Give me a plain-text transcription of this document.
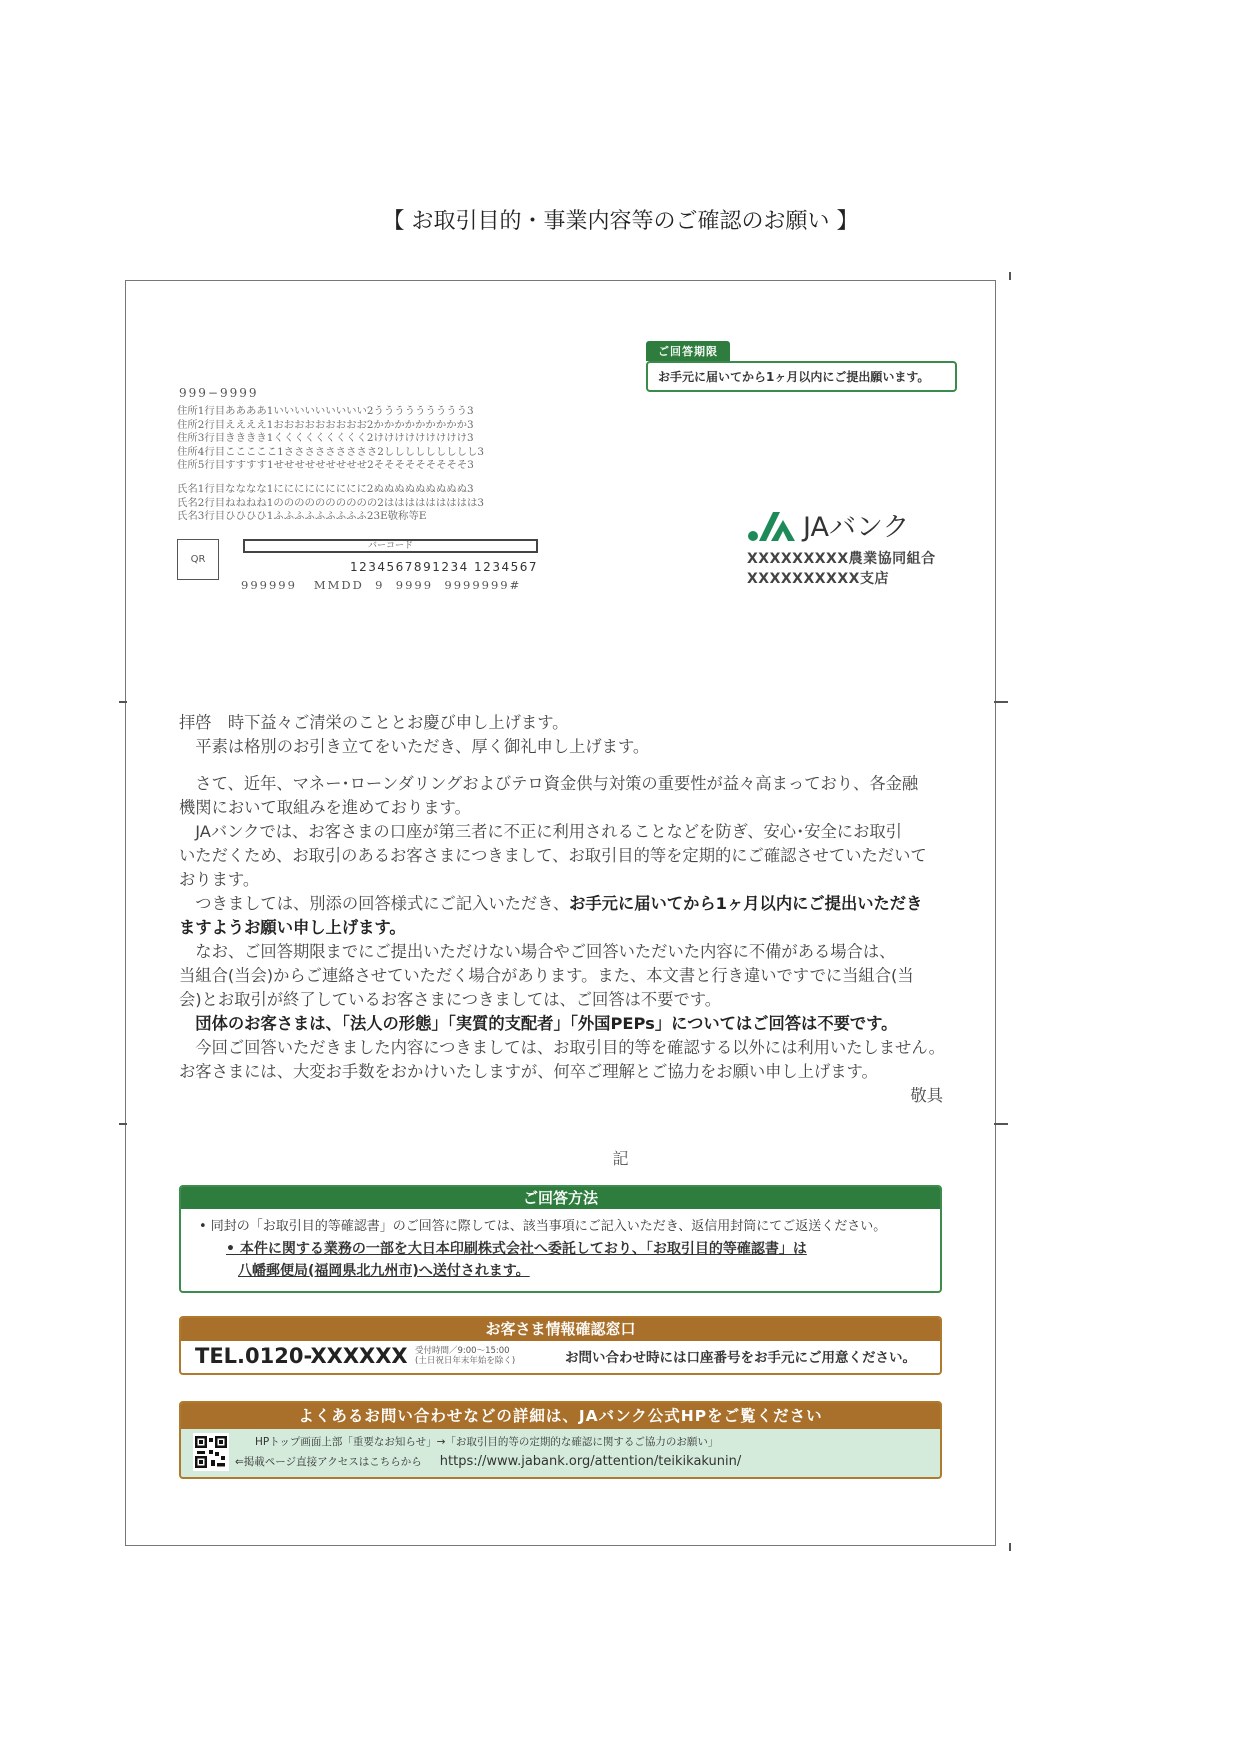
【 お取引目的・事業内容等のご確認のお願い 】
ご回答期限
お手元に届いてから1ヶ月以内にご提出願います。
999−9999
住所1行目ああああ1いいいいいいいいい2ううううううううう3
住所2行目ええええ1おおおおおおおおお2かかかかかかかかか3
住所3行目きききき1くくくくくくくくく2けけけけけけけけけ3
住所4行目こここここ1さささささささささ2ししししししししし3
住所5行目すすすす1せせせせせせせせせ2そそそそそそそそそ3
氏名1行目なななな1ににににににににに2ぬぬぬぬぬぬぬぬぬ3
氏名2行目ねねねね1のののののののののの2ははははははははは3
氏名3行目ひひひひ1ふふふふふふふふふ23E敬称等E
QR
バーコード
1234567891234 1234567
999999   MMDD  9  9999  9999999#
JAバンク
XXXXXXXXX農業協同組合
XXXXXXXXXX支店
拝啓　時下益々ご清栄のこととお慶び申し上げます。
　平素は格別のお引き立てをいただき、厚く御礼申し上げます。
　さて、近年、マネー･ローンダリングおよびテロ資金供与対策の重要性が益々高まっており、各金融
機関において取組みを進めております。
　JAバンクでは、お客さまの口座が第三者に不正に利用されることなどを防ぎ、安心･安全にお取引
いただくため、お取引のあるお客さまにつきまして、お取引目的等を定期的にご確認させていただいて
おります。
　つきましては、別添の回答様式にご記入いただき、お手元に届いてから1ヶ月以内にご提出いただき
ますようお願い申し上げます。
　なお、ご回答期限までにご提出いただけない場合やご回答いただいた内容に不備がある場合は、
当組合(当会)からご連絡させていただく場合があります。また、本文書と行き違いですでに当組合(当
会)とお取引が終了しているお客さまにつきましては、ご回答は不要です。
　団体のお客さまは、「法人の形態」「実質的支配者」「外国PEPs」についてはご回答は不要です。
　今回ご回答いただきました内容につきましては、お取引目的等を確認する以外には利用いたしません。
お客さまには、大変お手数をおかけいたしますが、何卒ご理解とご協力をお願い申し上げます。
敬具
記
ご回答方法
• 同封の「お取引目的等確認書」のご回答に際しては、該当事項にご記入いただき、返信用封筒にてご返送ください。
• 本件に関する業務の一部を大日本印刷株式会社へ委託しており、「お取引目的等確認書」は
八幡郵便局(福岡県北九州市)へ送付されます。
お客さま情報確認窓口
TEL.0120-XXXXXX 受付時間／9:00〜15:00
(土日祝日年末年始を除く)	お問い合わせ時には口座番号をお手元にご用意ください。
よくあるお問い合わせなどの詳細は、JAバンク公式HPをご覧ください
HPトップ画面上部「重要なお知らせ」→「お取引目的等の定期的な確認に関するご協力のお願い」
⇐掲載ページ直接アクセスはこちらから https://www.jabank.org/attention/teikikakunin/
